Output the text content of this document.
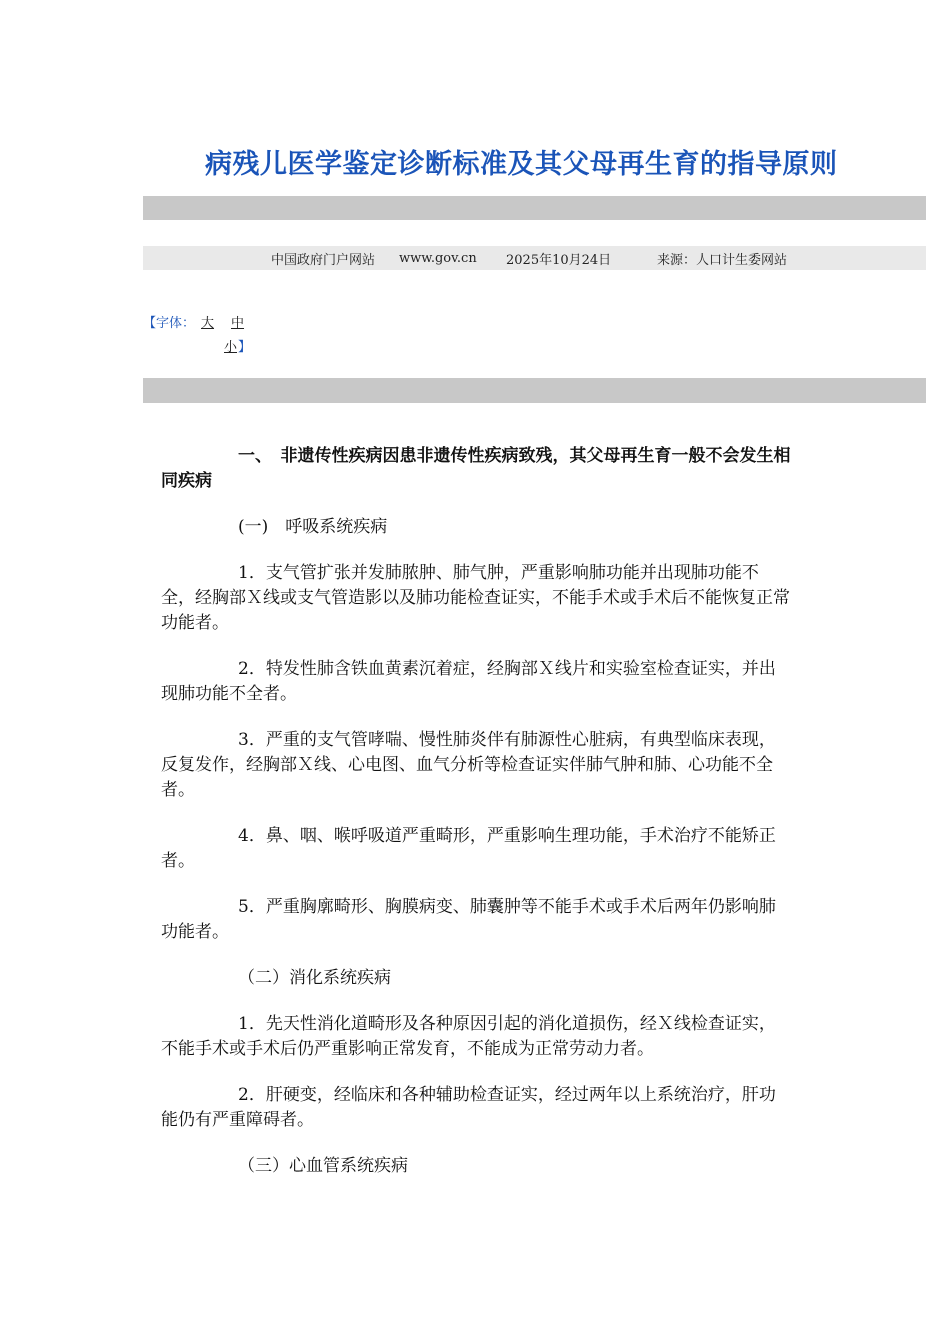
病残儿医学鉴定诊断标准及其父母再生育的指导原则
中国政府门户网站 www.gov.cn 2025年10月24日	来源：人口计生委网站
【字体： 大 中
小 】

一、　非遗传性疾病因患非遗传性疾病致残，其父母再生育一般不会发生相同疾病

(一)　呼吸系统疾病

1．支气管扩张并发肺脓肿、肺气肿，严重影响肺功能并出现肺功能不全，经胸部Ｘ线或支气管造影以及肺功能检查证实，不能手术或手术后不能恢复正常功能者。

2．特发性肺含铁血黄素沉着症，经胸部Ｘ线片和实验室检查证实，并出现肺功能不全者。

3．严重的支气管哮喘、慢性肺炎伴有肺源性心脏病，有典型临床表现，反复发作，经胸部Ｘ线、心电图、血气分析等检查证实伴肺气肿和肺、心功能不全者。

4．鼻、咽、喉呼吸道严重畸形，严重影响生理功能，手术治疗不能矫正者。

5．严重胸廓畸形、胸膜病变、肺囊肿等不能手术或手术后两年仍影响肺功能者。

（二）消化系统疾病

1．先天性消化道畸形及各种原因引起的消化道损伤，经Ｘ线检查证实，不能手术或手术后仍严重影响正常发育，不能成为正常劳动力者。

2．肝硬变，经临床和各种辅助检查证实，经过两年以上系统治疗，肝功能仍有严重障碍者。

（三）心血管系统疾病
